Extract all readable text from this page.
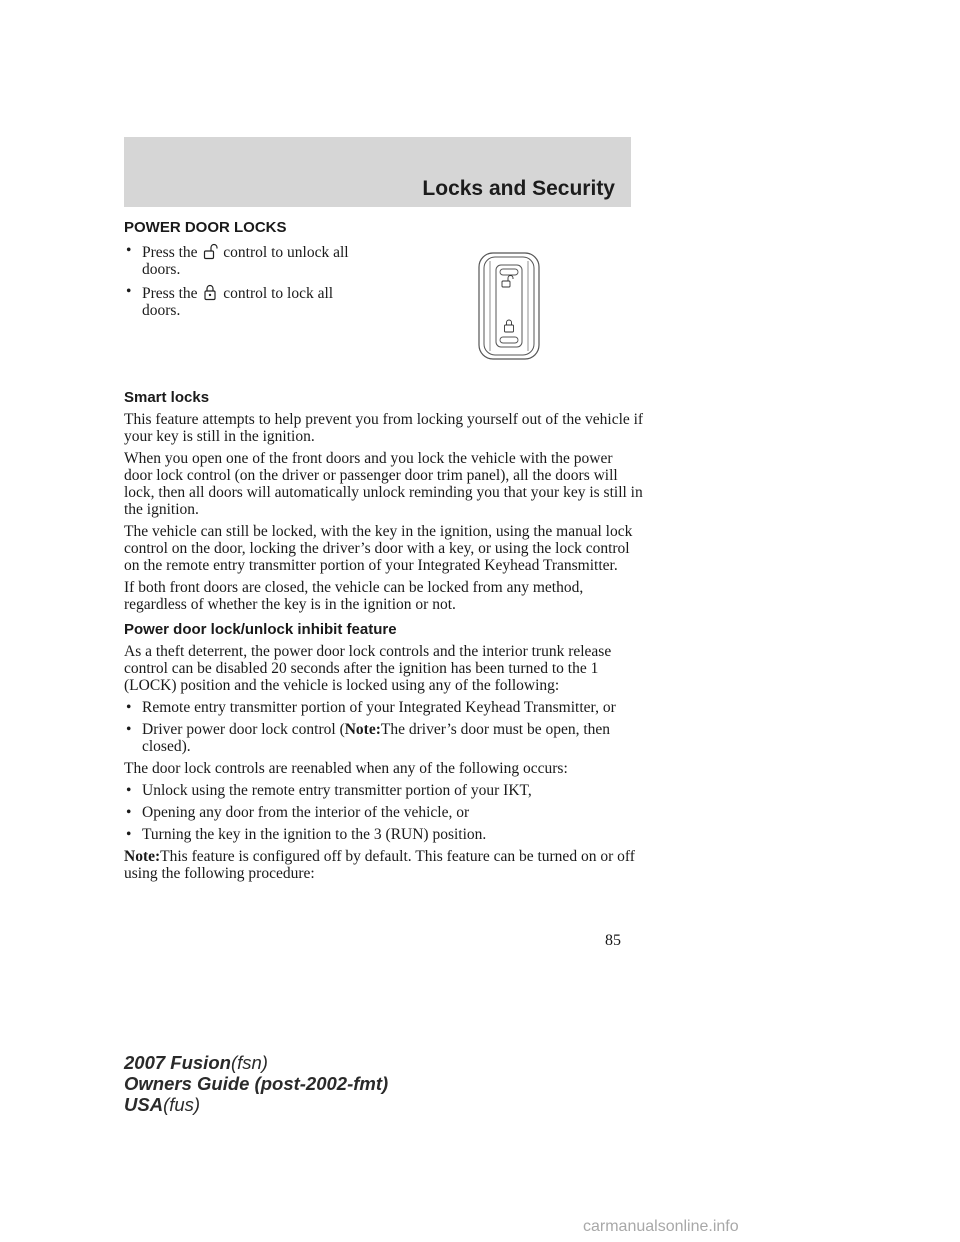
Locks and Security
POWER DOOR LOCKS
• Press the control to unlock all
doors.
• Press the control to lock all
doors.
Smart locks

This feature attempts to help prevent you from locking yourself out of the vehicle if your key is still in the ignition.

When you open one of the front doors and you lock the vehicle with the power door lock control (on the driver or passenger door trim panel), all the doors will lock, then all doors will automatically unlock reminding you that your key is still in the ignition.

The vehicle can still be locked, with the key in the ignition, using the manual lock control on the door, locking the driver’s door with a key, or using the lock control on the remote entry transmitter portion of your Integrated Keyhead Transmitter.

If both front doors are closed, the vehicle can be locked from any method, regardless of whether the key is in the ignition or not.

Power door lock/unlock inhibit feature

As a theft deterrent, the power door lock controls and the interior trunk release control can be disabled 20 seconds after the ignition has been turned to the 1 (LOCK) position and the vehicle is locked using any of the following:

• Remote entry transmitter portion of your Integrated Keyhead Transmitter, or
• Driver power door lock control (Note:The driver’s door must be open, then closed).

The door lock controls are reenabled when any of the following occurs:

• Unlock using the remote entry transmitter portion of your IKT,
• Opening any door from the interior of the vehicle, or
• Turning the key in the ignition to the 3 (RUN) position.

Note:This feature is configured off by default. This feature can be turned on or off using the following procedure:

85
2007 Fusion(fsn)
Owners Guide (post-2002-fmt)
USA(fus)
carmanualsonline.info
